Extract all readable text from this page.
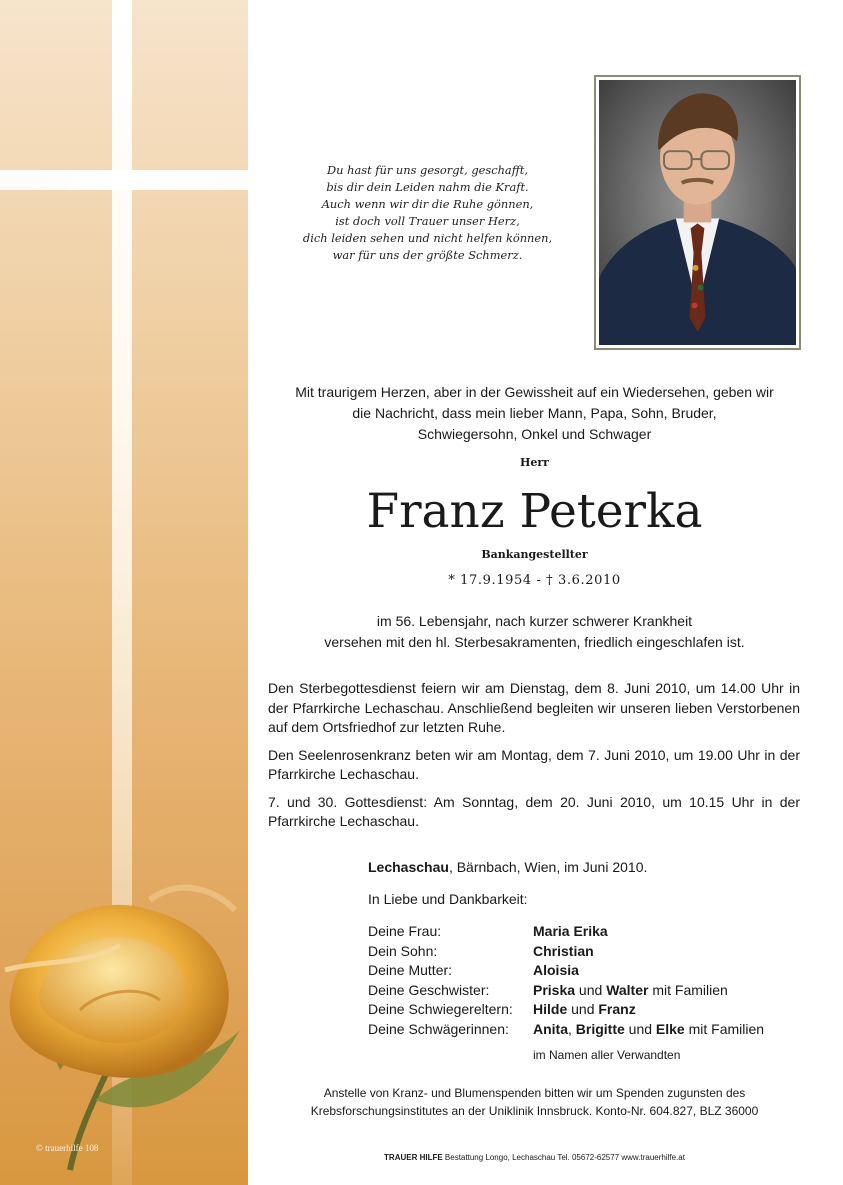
© trauerhilfe 108
Du hast für uns gesorgt, geschafft,
bis dir dein Leiden nahm die Kraft.
Auch wenn wir dir die Ruhe gönnen,
ist doch voll Trauer unser Herz,
dich leiden sehen und nicht helfen können,
war für uns der größte Schmerz.
Mit traurigem Herzen, aber in der Gewissheit auf ein Wiedersehen, geben wir
die Nachricht, dass mein lieber Mann, Papa, Sohn, Bruder,
Schwiegersohn, Onkel und Schwager
Herr
Franz Peterka
Bankangestellter
* 17.9.1954 - † 3.6.2010
im 56. Lebensjahr, nach kurzer schwerer Krankheit
versehen mit den hl. Sterbesakramenten, friedlich eingeschlafen ist.

Den Sterbegottesdienst feiern wir am Dienstag, dem 8. Juni 2010, um 14.00 Uhr in der Pfarrkirche Lechaschau. Anschließend begleiten wir unseren lieben Verstorbenen auf dem Ortsfriedhof zur letzten Ruhe.

Den Seelenrosenkranz beten wir am Montag, dem 7. Juni 2010, um 19.00 Uhr in der Pfarrkirche Lechaschau.

7. und 30. Gottesdienst: Am Sonntag, dem 20. Juni 2010, um 10.15 Uhr in der Pfarrkirche Lechaschau.

Lechaschau, Bärnbach, Wien, im Juni 2010.
In Liebe und Dankbarkeit:
Deine Frau:	Maria Erika
Dein Sohn:	Christian
Deine Mutter:	Aloisia
Deine Geschwister:	Priska und Walter mit Familien
Deine Schwiegereltern:	Hilde und Franz
Deine Schwägerinnen:	Anita, Brigitte und Elke mit Familien
im Namen aller Verwandten
Anstelle von Kranz- und Blumenspenden bitten wir um Spenden zugunsten des
Krebsforschungsinstitutes an der Uniklinik Innsbruck. Konto-Nr. 604.827, BLZ 36000
TRAUER HILFE Bestattung Longo, Lechaschau Tel. 05672-62577 www.trauerhilfe.at
